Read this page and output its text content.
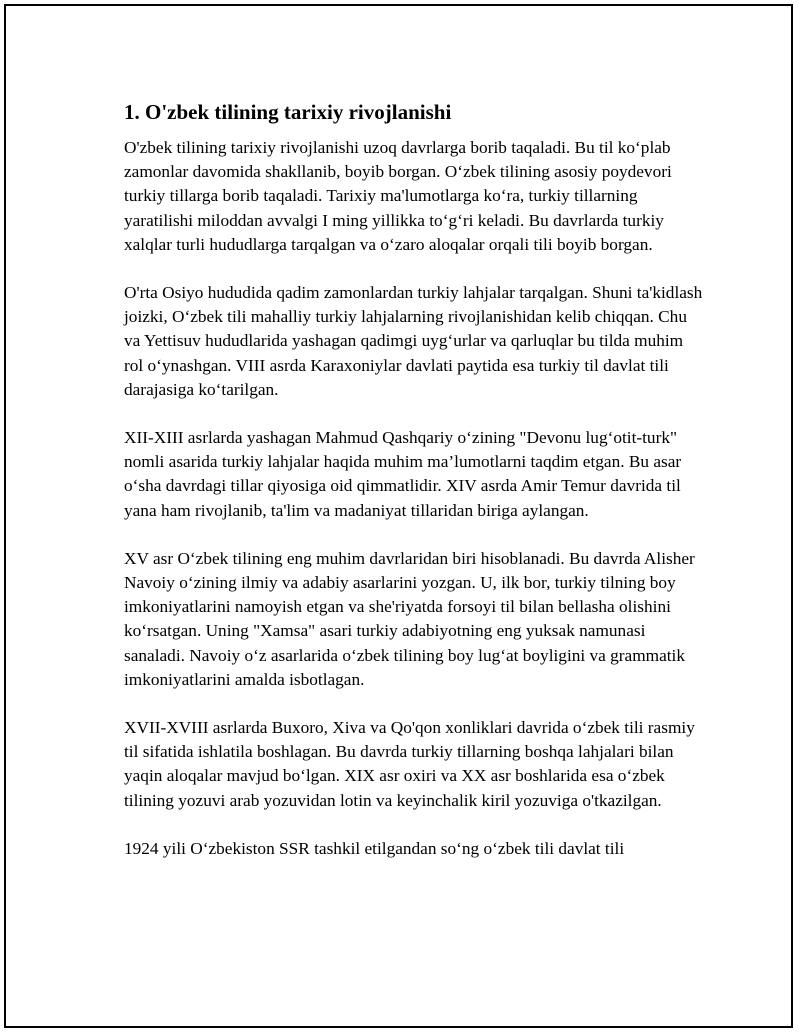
1. O'zbek tilining tarixiy rivojlanishi

O'zbek tilining tarixiy rivojlanishi uzoq davrlarga borib taqaladi. Bu til ko‘plab zamonlar davomida shakllanib, boyib borgan. O‘zbek tilining asosiy poydevori turkiy tillarga borib taqaladi. Tarixiy ma'lumotlarga ko‘ra, turkiy tillarning yaratilishi miloddan avvalgi I ming yillikka to‘g‘ri keladi. Bu davrlarda turkiy xalqlar turli hududlarga tarqalgan va o‘zaro aloqalar orqali tili boyib borgan.

O'rta Osiyo hududida qadim zamonlardan turkiy lahjalar tarqalgan. Shuni ta'kidlash joizki, O‘zbek tili mahalliy turkiy lahjalarning rivojlanishidan kelib chiqqan. Chu va Yettisuv hududlarida yashagan qadimgi uyg‘urlar va qarluqlar bu tilda muhim rol o‘ynashgan. VIII asrda Karaxoniylar davlati paytida esa turkiy til davlat tili darajasiga ko‘tarilgan.

XII-XIII asrlarda yashagan Mahmud Qashqariy o‘zining "Devonu lug‘otit-turk" nomli asarida turkiy lahjalar haqida muhim ma’lumotlarni taqdim etgan. Bu asar o‘sha davrdagi tillar qiyosiga oid qimmatlidir. XIV asrda Amir Temur davrida til yana ham rivojlanib, ta'lim va madaniyat tillaridan biriga aylangan.

XV asr O‘zbek tilining eng muhim davrlaridan biri hisoblanadi. Bu davrda Alisher Navoiy o‘zining ilmiy va adabiy asarlarini yozgan. U, ilk bor, turkiy tilning boy imkoniyatlarini namoyish etgan va she'riyatda forsoyi til bilan bellasha olishini ko‘rsatgan. Uning "Xamsa" asari turkiy adabiyotning eng yuksak namunasi sanaladi. Navoiy o‘z asarlarida o‘zbek tilining boy lug‘at boyligini va grammatik imkoniyatlarini amalda isbotlagan.

XVII-XVIII asrlarda Buxoro, Xiva va Qo'qon xonliklari davrida o‘zbek tili rasmiy til sifatida ishlatila boshlagan. Bu davrda turkiy tillarning boshqa lahjalari bilan yaqin aloqalar mavjud bo‘lgan. XIX asr oxiri va XX asr boshlarida esa o‘zbek tilining yozuvi arab yozuvidan lotin va keyinchalik kiril yozuviga o'tkazilgan.

1924 yili O‘zbekiston SSR tashkil etilgandan so‘ng o‘zbek tili davlat tili
